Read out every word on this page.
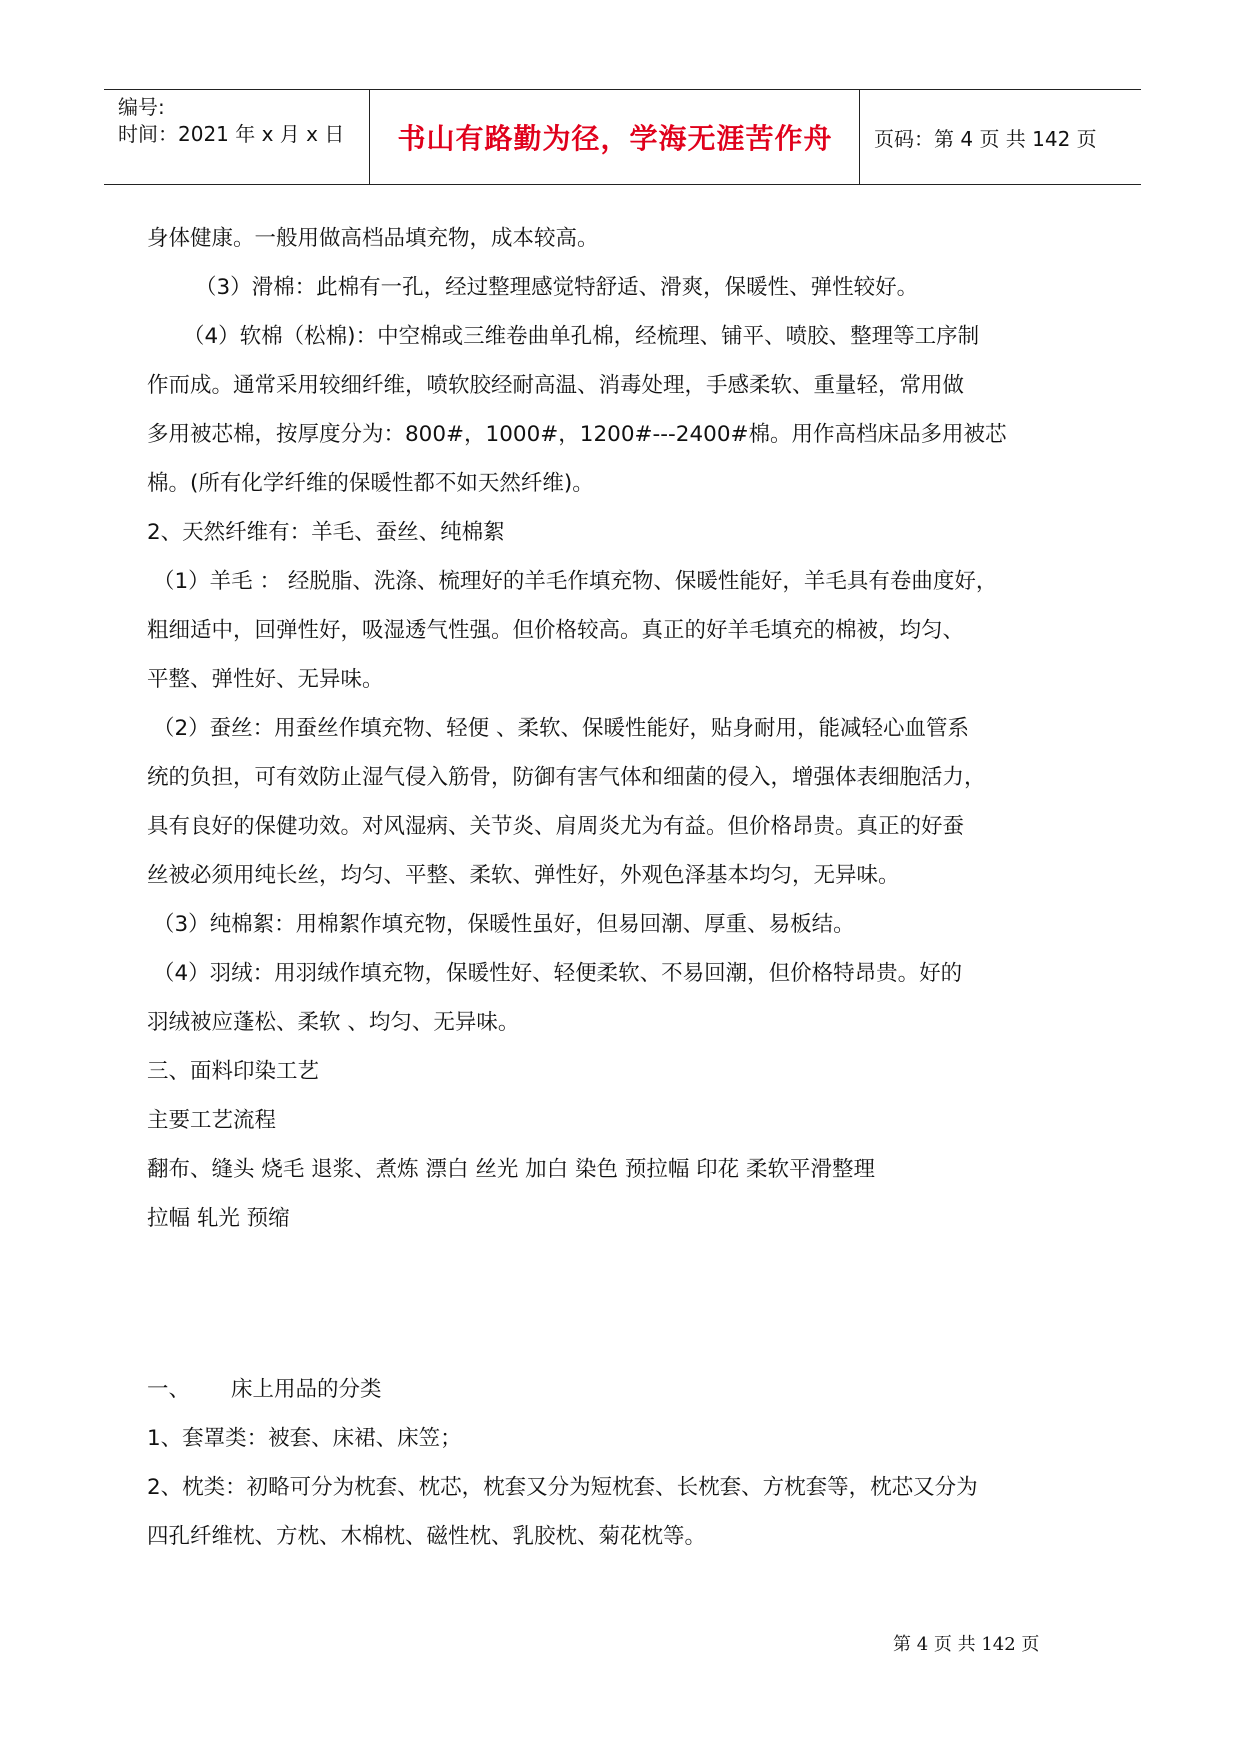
编号:
时间：2021 年 x 月 x 日	书山有路勤为径，学海无涯苦作舟	页码：第 4 页 共 142 页

身体健康。一般用做高档品填充物，成本较高。

（3）滑棉：此棉有一孔，经过整理感觉特舒适、滑爽，保暖性、弹性较好。

（4）软棉（松棉)：中空棉或三维卷曲单孔棉，经梳理、铺平、喷胶、整理等工序制

作而成。通常采用较细纤维，喷软胶经耐高温、消毒处理，手感柔软、重量轻，常用做

多用被芯棉，按厚度分为：800#，1000#，1200#---2400#棉。用作高档床品多用被芯

棉。(所有化学纤维的保暖性都不如天然纤维)。

2、天然纤维有：羊毛、蚕丝、纯棉絮

（1）羊毛 ： 经脱脂、洗涤、梳理好的羊毛作填充物、保暖性能好，羊毛具有卷曲度好，

粗细适中，回弹性好，吸湿透气性强。但价格较高。真正的好羊毛填充的棉被，均匀、

平整、弹性好、无异味。

（2）蚕丝：用蚕丝作填充物、轻便 、柔软、保暖性能好，贴身耐用，能减轻心血管系

统的负担，可有效防止湿气侵入筋骨，防御有害气体和细菌的侵入，增强体表细胞活力，

具有良好的保健功效。对风湿病、关节炎、肩周炎尤为有益。但价格昂贵。真正的好蚕

丝被必须用纯长丝，均匀、平整、柔软、弹性好，外观色泽基本均匀，无异味。

（3）纯棉絮：用棉絮作填充物，保暖性虽好，但易回潮、厚重、易板结。

（4）羽绒：用羽绒作填充物，保暖性好、轻便柔软、不易回潮，但价格特昂贵。好的

羽绒被应蓬松、柔软 、均匀、无异味。

三、面料印染工艺

主要工艺流程

翻布、缝头 烧毛 退浆、煮炼 漂白 丝光 加白 染色 预拉幅 印花 柔软平滑整理

拉幅 轧光 预缩

一、      床上用品的分类

1、套罩类：被套、床裙、床笠；

2、枕类：初略可分为枕套、枕芯，枕套又分为短枕套、长枕套、方枕套等，枕芯又分为

四孔纤维枕、方枕、木棉枕、磁性枕、乳胶枕、菊花枕等。

第 4 页 共 142 页
